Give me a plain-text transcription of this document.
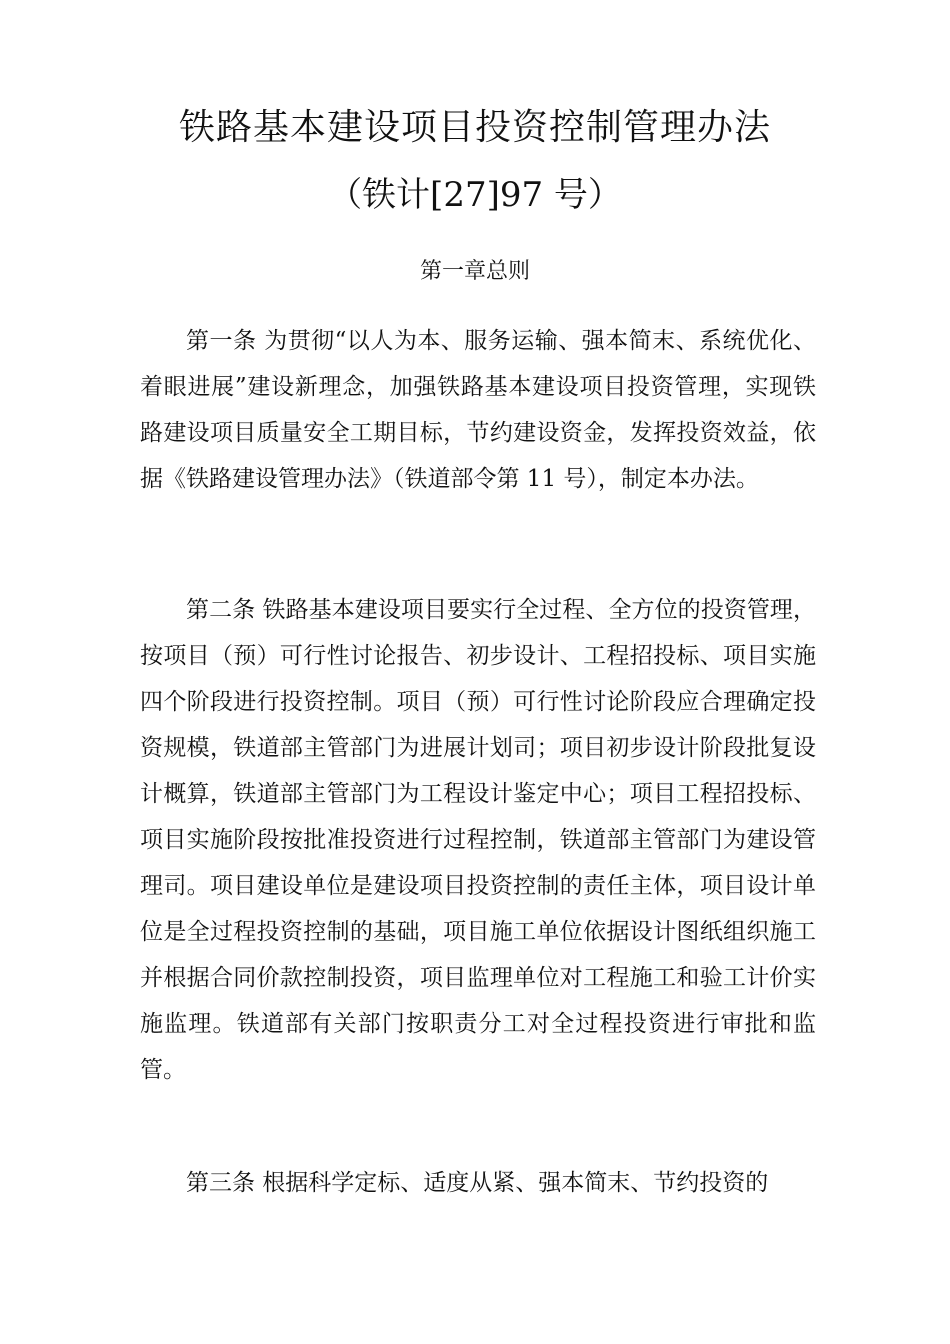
铁路基本建设项目投资控制管理办法
（铁计[27]97 号）
第一章总则

第一条 为贯彻“以人为本、服务运输、强本简末、系统优化、着眼进展”建设新理念，加强铁路基本建设项目投资管理，实现铁路建设项目质量安全工期目标，节约建设资金，发挥投资效益，依据《铁路建设管理办法》（铁道部令第 11 号），制定本办法。

第二条 铁路基本建设项目要实行全过程、全方位的投资管理，按项目（预）可行性讨论报告、初步设计、工程招投标、项目实施四个阶段进行投资控制。项目（预）可行性讨论阶段应合理确定投资规模，铁道部主管部门为进展计划司；项目初步设计阶段批复设计概算，铁道部主管部门为工程设计鉴定中心；项目工程招投标、项目实施阶段按批准投资进行过程控制，铁道部主管部门为建设管理司。项目建设单位是建设项目投资控制的责任主体，项目设计单位是全过程投资控制的基础，项目施工单位依据设计图纸组织施工并根据合同价款控制投资，项目监理单位对工程施工和验工计价实施监理。铁道部有关部门按职责分工对全过程投资进行审批和监管。

第三条 根据科学定标、适度从紧、强本简末、节约投资的
